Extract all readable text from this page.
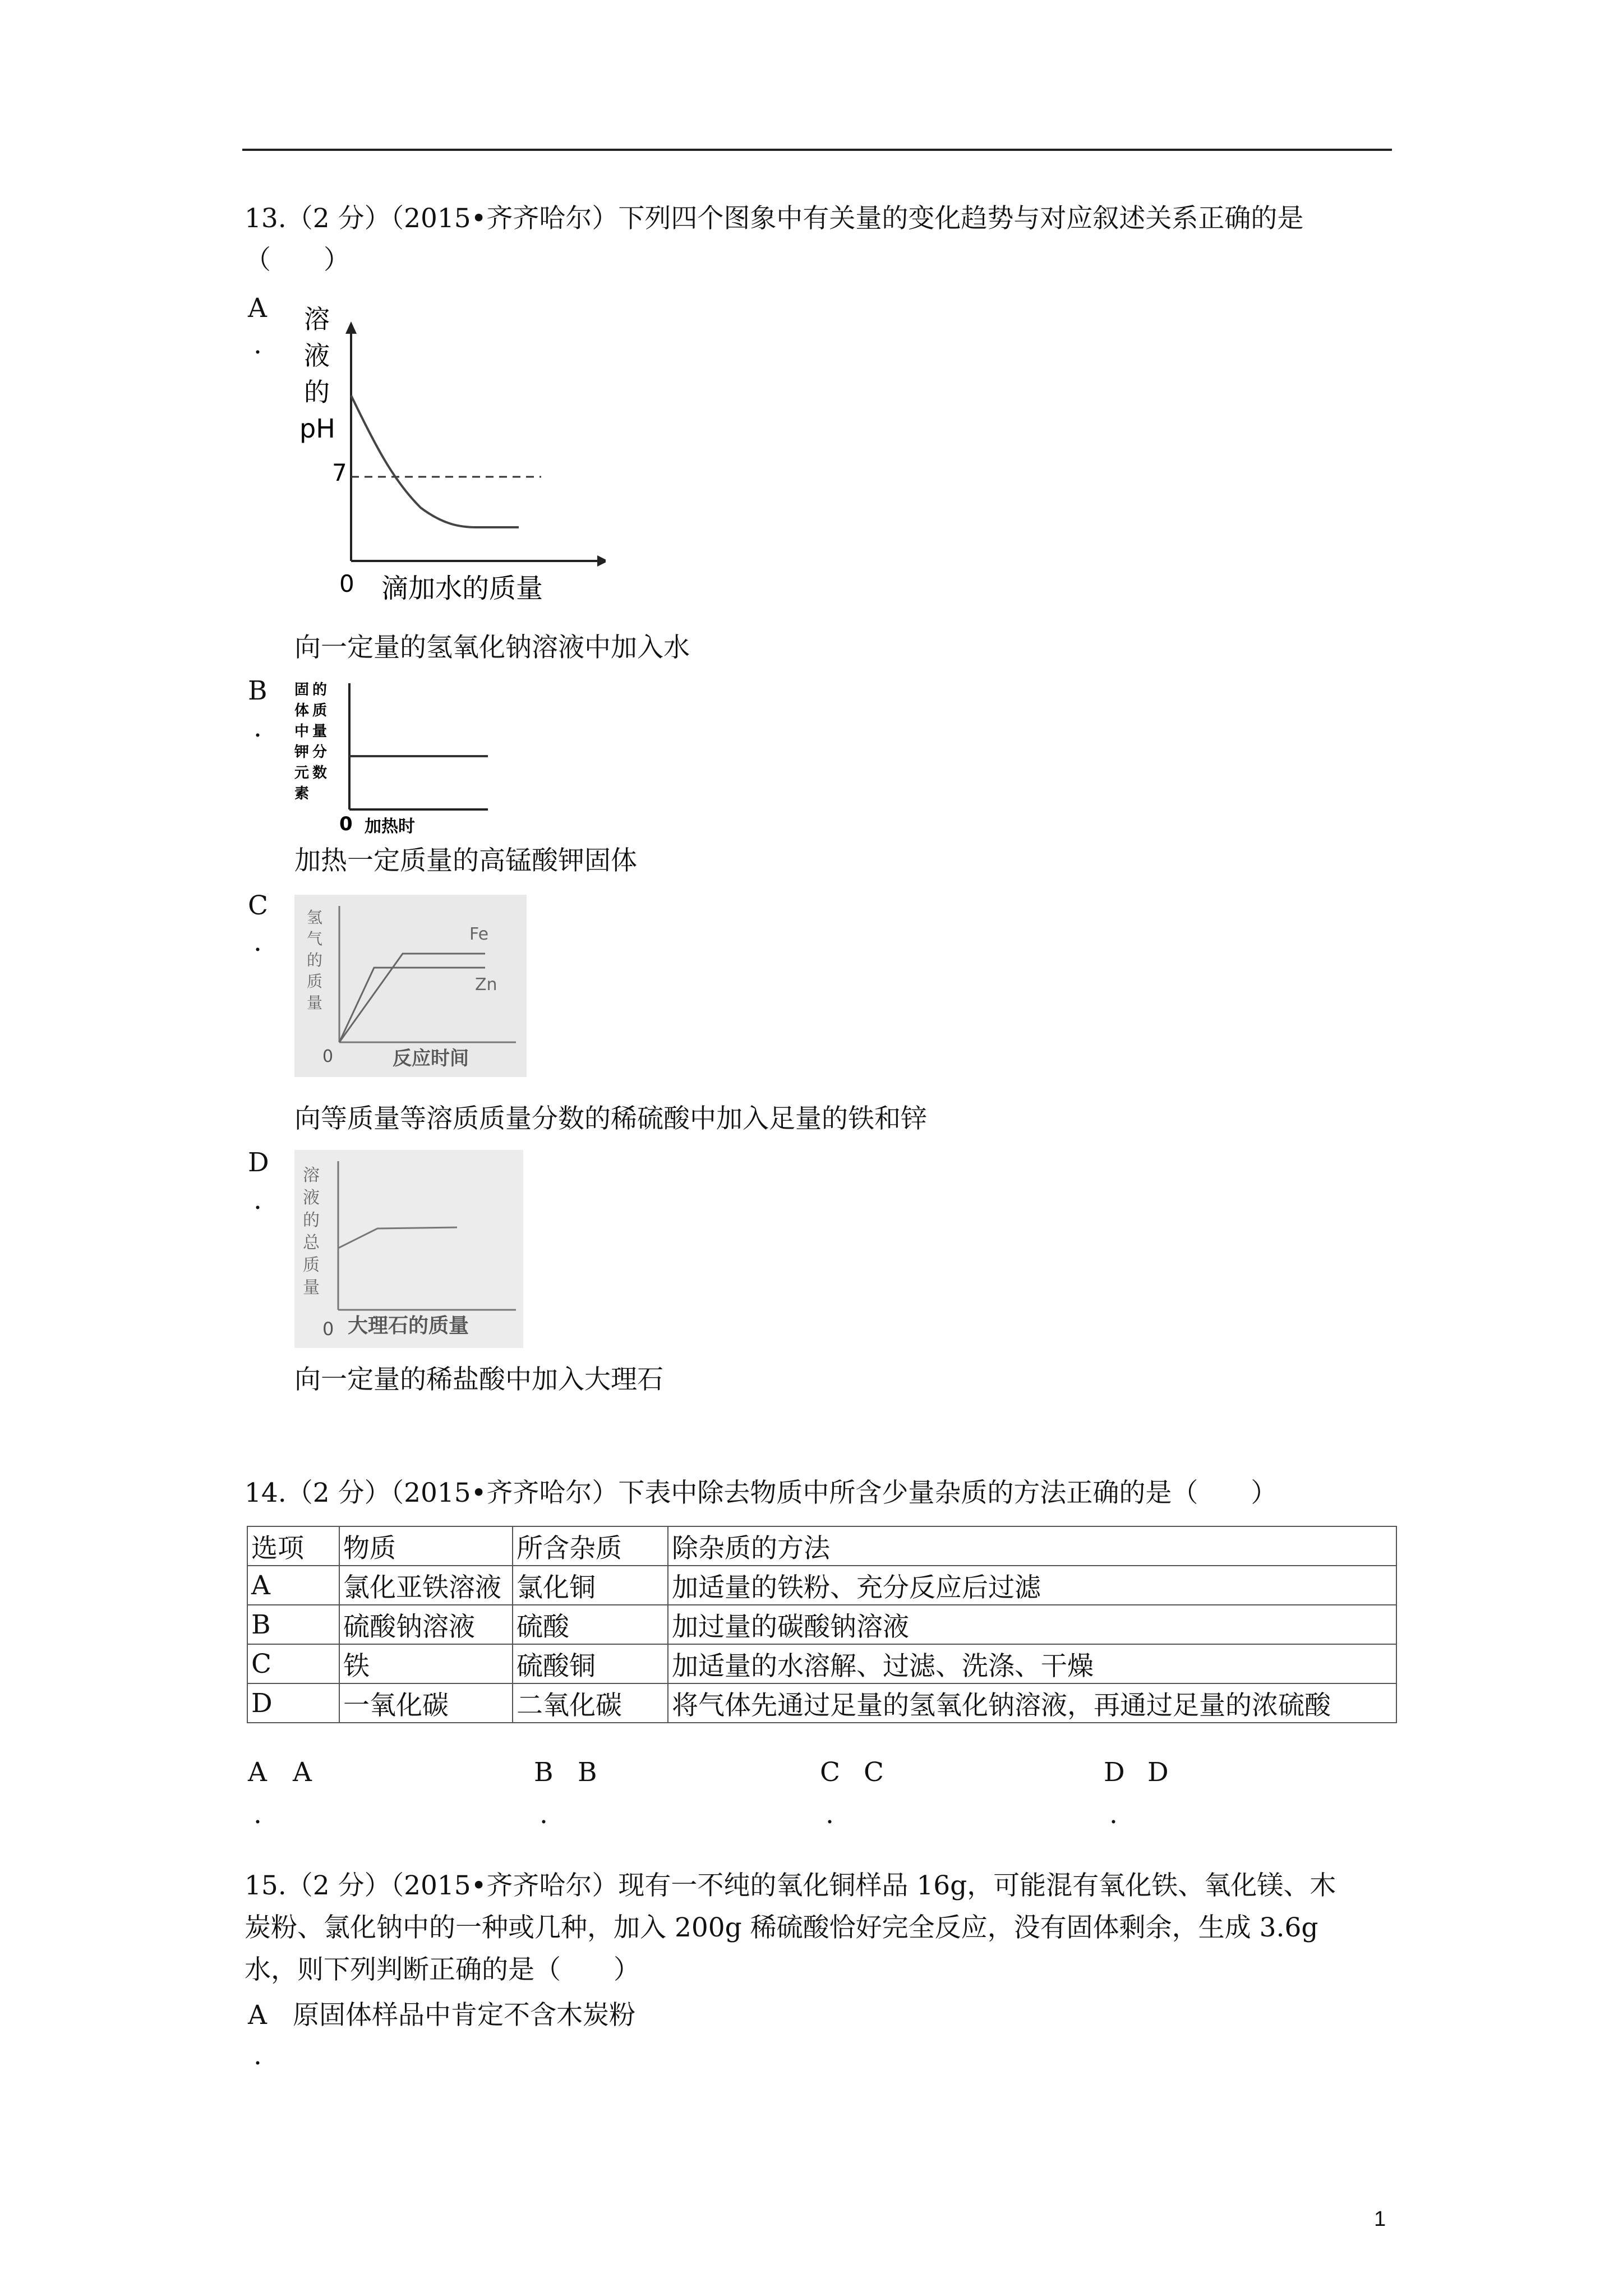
13.（2 分）（2015•齐齐哈尔）下列四个图象中有关量的变化趋势与对应叙述关系正确的是
（　　）
A
.
溶
液
的
pH
7
0 滴加水的质量
向一定量的氢氧化钠溶液中加入水
B
.
固
体
中
钾
元
素
的
质
量
分
数
0 加热时
加热一定质量的高锰酸钾固体
C
.
氢
气
的
质
量
Fe
Zn
0	反应时间
向等质量等溶质质量分数的稀硫酸中加入足量的铁和锌
D
.
溶
液
的
总
质
量
0 大理石的质量
向一定量的稀盐酸中加入大理石
14.（2 分）（2015•齐齐哈尔）下表中除去物质中所含少量杂质的方法正确的是（　　）
选项	物质	所含杂质	除杂质的方法
A	氯化亚铁溶液	氯化铜	加适量的铁粉、充分反应后过滤
B	硫酸钠溶液	硫酸	加过量的碳酸钠溶液
C	铁	硫酸铜	加适量的水溶解、过滤、洗涤、干燥
D	一氧化碳	二氧化碳	将气体先通过足量的氢氧化钠溶液，再通过足量的浓硫酸
A A
.
B B
.
C C
.
D D
.
15.（2 分）（2015•齐齐哈尔）现有一不纯的氧化铜样品 16g，可能混有氧化铁、氧化镁、木
炭粉、氯化钠中的一种或几种，加入 200g 稀硫酸恰好完全反应，没有固体剩余，生成 3.6g
水，则下列判断正确的是（　　）
A 原固体样品中肯定不含木炭粉
.
1
